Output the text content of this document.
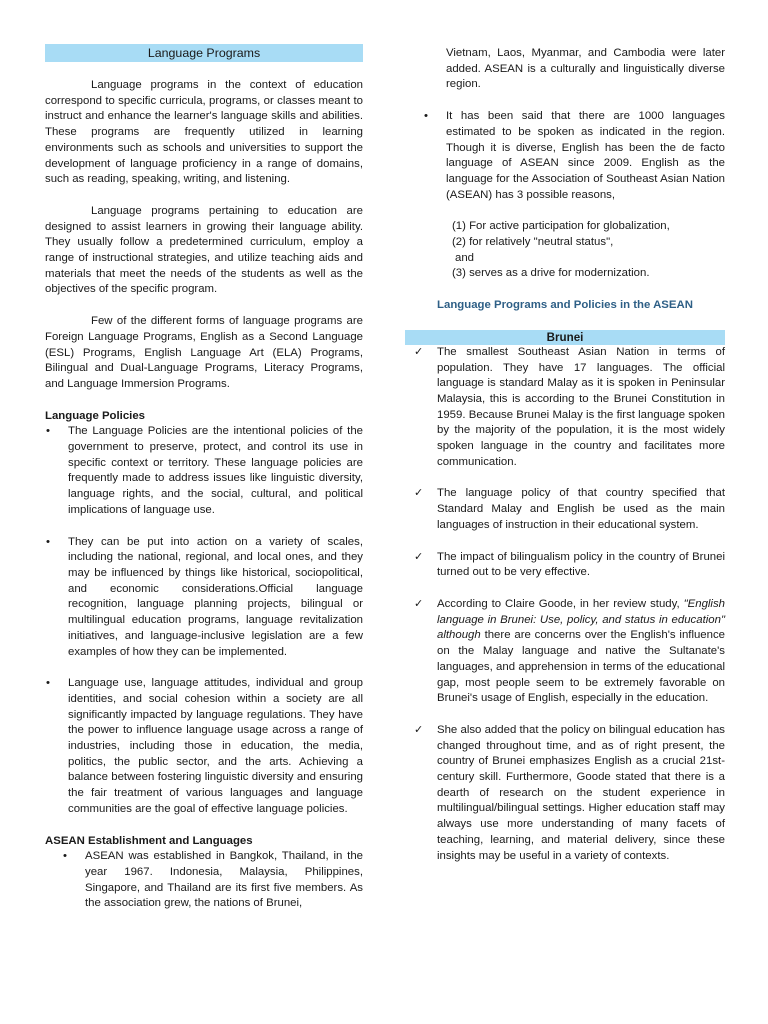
Language Programs

Language programs in the context of education correspond to specific curricula, programs, or classes meant to instruct and enhance the learner's language skills and abilities. These programs are frequently utilized in learning environments such as schools and universities to support the development of language proficiency in a range of domains, such as reading, speaking, writing, and listening.

Language programs pertaining to education are designed to assist learners in growing their language ability. They usually follow a predetermined curriculum, employ a range of instructional strategies, and utilize teaching aids and materials that meet the needs of the students as well as the objectives of the specific program.

Few of the different forms of language programs are Foreign Language Programs, English as a Second Language (ESL) Programs, English Language Art (ELA) Programs, Bilingual and Dual-Language Programs, Literacy Programs, and Language Immersion Programs.

Language Policies

• The Language Policies are the intentional policies of the government to preserve, protect, and control its use in specific context or territory. These language policies are frequently made to address issues like linguistic diversity, language rights, and the social, cultural, and political implications of language use.
• They can be put into action on a variety of scales, including the national, regional, and local ones, and they may be influenced by things like historical, sociopolitical, and economic considerations.Official language recognition, language planning projects, bilingual or multilingual education programs, language revitalization initiatives, and language-inclusive legislation are a few examples of how they can be implemented.
• Language use, language attitudes, individual and group identities, and social cohesion within a society are all significantly impacted by language regulations. They have the power to influence language usage across a range of industries, including those in education, the media, politics, the public sector, and the arts. Achieving a balance between fostering linguistic diversity and ensuring the fair treatment of various languages and language communities are the goal of effective language policies.

ASEAN Establishment and Languages

• ASEAN was established in Bangkok, Thailand, in the year 1967. Indonesia, Malaysia, Philippines, Singapore, and Thailand are its first five members. As the association grew, the nations of Brunei,

Vietnam, Laos, Myanmar, and Cambodia were later added. ASEAN is a culturally and linguistically diverse region.

• It has been said that there are 1000 languages estimated to be spoken as indicated in the region. Though it is diverse, English has been the de facto language of ASEAN since 2009. English as the language for the Association of Southeast Asian Nation (ASEAN) has 3 possible reasons,
(1) For active participation for globalization,
(2) for relatively "neutral status",
and
(3) serves as a drive for modernization.
Language Programs and Policies in the ASEAN
Brunei
✓ The smallest Southeast Asian Nation in terms of population. They have 17 languages. The official language is standard Malay as it is spoken in Peninsular Malaysia, this is according to the Brunei Constitution in 1959. Because Brunei Malay is the first language spoken by the majority of the population, it is the most widely spoken language in the country and facilitates more communication.
✓ The language policy of that country specified that Standard Malay and English be used as the main languages of instruction in their educational system.
✓ The impact of bilingualism policy in the country of Brunei turned out to be very effective.
✓ According to Claire Goode, in her review study, "English language in Brunei: Use, policy, and status in education" although there are concerns over the English's influence on the Malay language and native the Sultanate's languages, and apprehension in terms of the educational gap, most people seem to be extremely favorable on Brunei's usage of English, especially in the education.
✓ She also added that the policy on bilingual education has changed throughout time, and as of right present, the country of Brunei emphasizes English as a crucial 21st-century skill. Furthermore, Goode stated that there is a dearth of research on the student experience in multilingual/bilingual settings. Higher education staff may always use more understanding of many facets of teaching, learning, and material delivery, since these insights may be useful in a variety of contexts.
